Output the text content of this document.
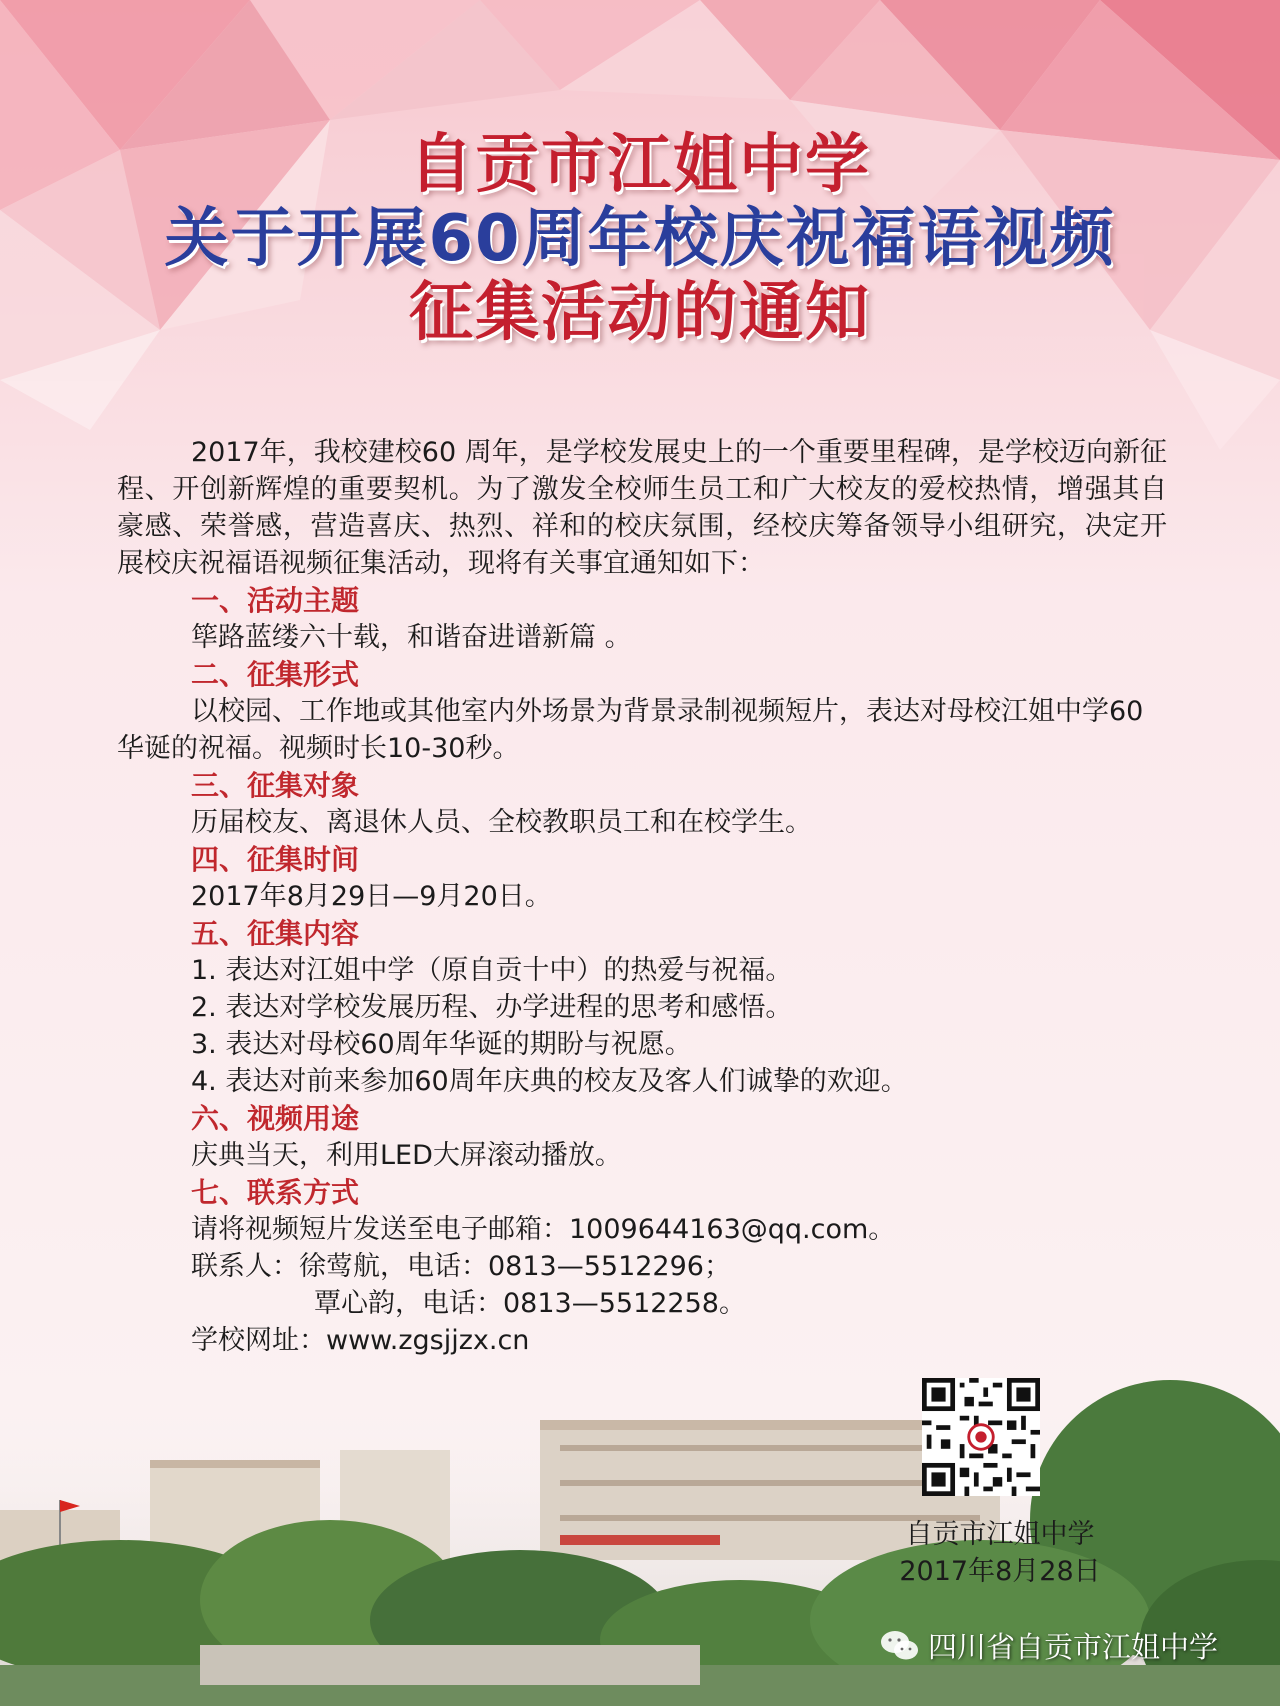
自贡市江姐中学
关于开展60周年校庆祝福语视频
征集活动的通知

2017年，我校建校60 周年，是学校发展史上的一个重要里程碑，是学校迈向新征程、开创新辉煌的重要契机。为了激发全校师生员工和广大校友的爱校热情，增强其自豪感、荣誉感，营造喜庆、热烈、祥和的校庆氛围，经校庆筹备领导小组研究，决定开展校庆祝福语视频征集活动，现将有关事宜通知如下：

一、活动主题

筚路蓝缕六十载，和谐奋进谱新篇 。

二、征集形式

以校园、工作地或其他室内外场景为背景录制视频短片，表达对母校江姐中学60华诞的祝福。视频时长10-30秒。

三、征集对象

历届校友、离退休人员、全校教职员工和在校学生。

四、征集时间

2017年8月29日—9月20日。

五、征集内容

1. 表达对江姐中学（原自贡十中）的热爱与祝福。

2. 表达对学校发展历程、办学进程的思考和感悟。

3. 表达对母校60周年华诞的期盼与祝愿。

4. 表达对前来参加60周年庆典的校友及客人们诚挚的欢迎。

六、视频用途

庆典当天，利用LED大屏滚动播放。

七、联系方式

请将视频短片发送至电子邮箱：1009644163@qq.com。

联系人：徐莺航，电话：0813—5512296；

覃心韵，电话：0813—5512258。

学校网址：www.zgsjjzx.cn

自贡市江姐中学
2017年8月28日
四川省自贡市江姐中学
